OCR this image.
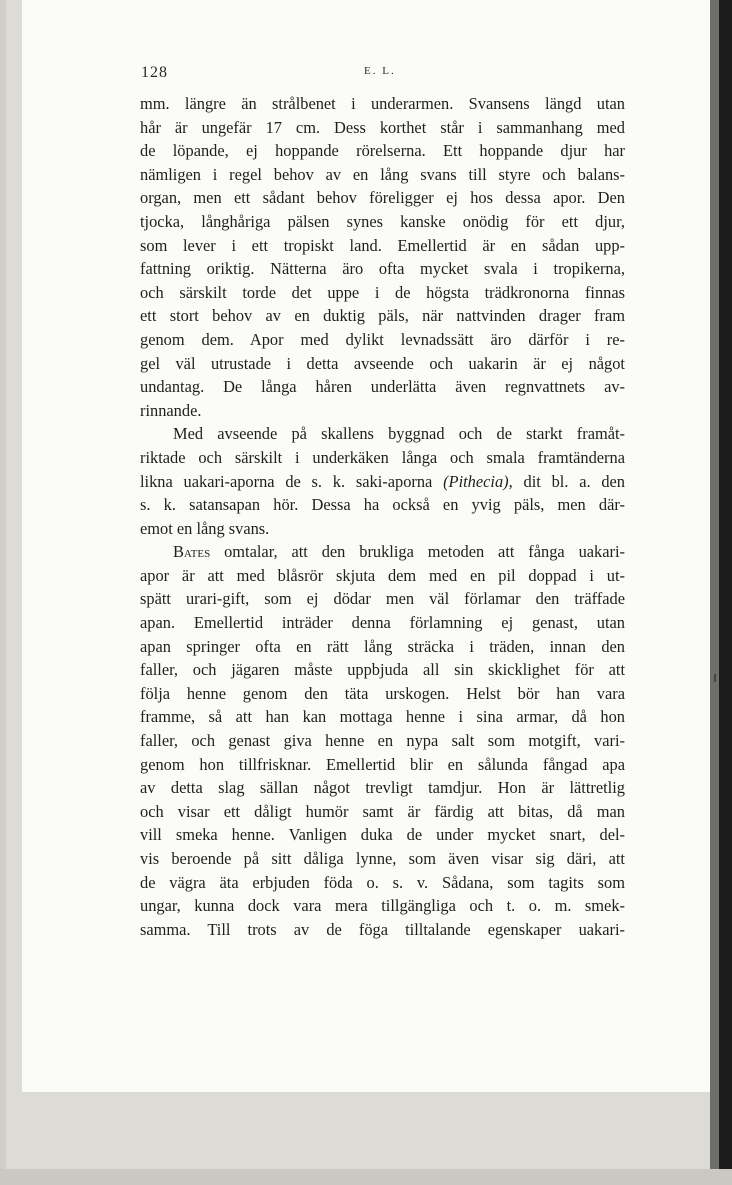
128	E. L.
mm. längre än strålbenet i underarmen. Svansens längd utan
hår är ungefär 17 cm. Dess korthet står i sammanhang med
de löpande, ej hoppande rörelserna. Ett hoppande djur har
nämligen i regel behov av en lång svans till styre och balans-
organ, men ett sådant behov föreligger ej hos dessa apor. Den
tjocka, långhåriga pälsen synes kanske onödig för ett djur,
som lever i ett tropiskt land. Emellertid är en sådan upp-
fattning oriktig. Nätterna äro ofta mycket svala i tropikerna,
och särskilt torde det uppe i de högsta trädkronorna finnas
ett stort behov av en duktig päls, när nattvinden drager fram
genom dem. Apor med dylikt levnadssätt äro därför i re-
gel väl utrustade i detta avseende och uakarin är ej något
undantag. De långa håren underlätta även regnvattnets av-
rinnande.
Med avseende på skallens byggnad och de starkt framåt-
riktade och särskilt i underkäken långa och smala framtänderna
likna uakari-aporna de s. k. saki-aporna (Pithecia), dit bl. a. den
s. k. satansapan hör. Dessa ha också en yvig päls, men där-
emot en lång svans.
Bates omtalar, att den brukliga metoden att fånga uakari-
apor är att med blåsrör skjuta dem med en pil doppad i ut-
spätt urari-gift, som ej dödar men väl förlamar den träffade
apan. Emellertid inträder denna förlamning ej genast, utan
apan springer ofta en rätt lång sträcka i träden, innan den
faller, och jägaren måste uppbjuda all sin skicklighet för att
följa henne genom den täta urskogen. Helst bör han vara
framme, så att han kan mottaga henne i sina armar, då hon
faller, och genast giva henne en nypa salt som motgift, vari-
genom hon tillfrisknar. Emellertid blir en sålunda fångad apa
av detta slag sällan något trevligt tamdjur. Hon är lättretlig
och visar ett dåligt humör samt är färdig att bitas, då man
vill smeka henne. Vanligen duka de under mycket snart, del-
vis beroende på sitt dåliga lynne, som även visar sig däri, att
de vägra äta erbjuden föda o. s. v. Sådana, som tagits som
ungar, kunna dock vara mera tillgängliga och t. o. m. smek-
samma. Till trots av de föga tilltalande egenskaper uakari-
